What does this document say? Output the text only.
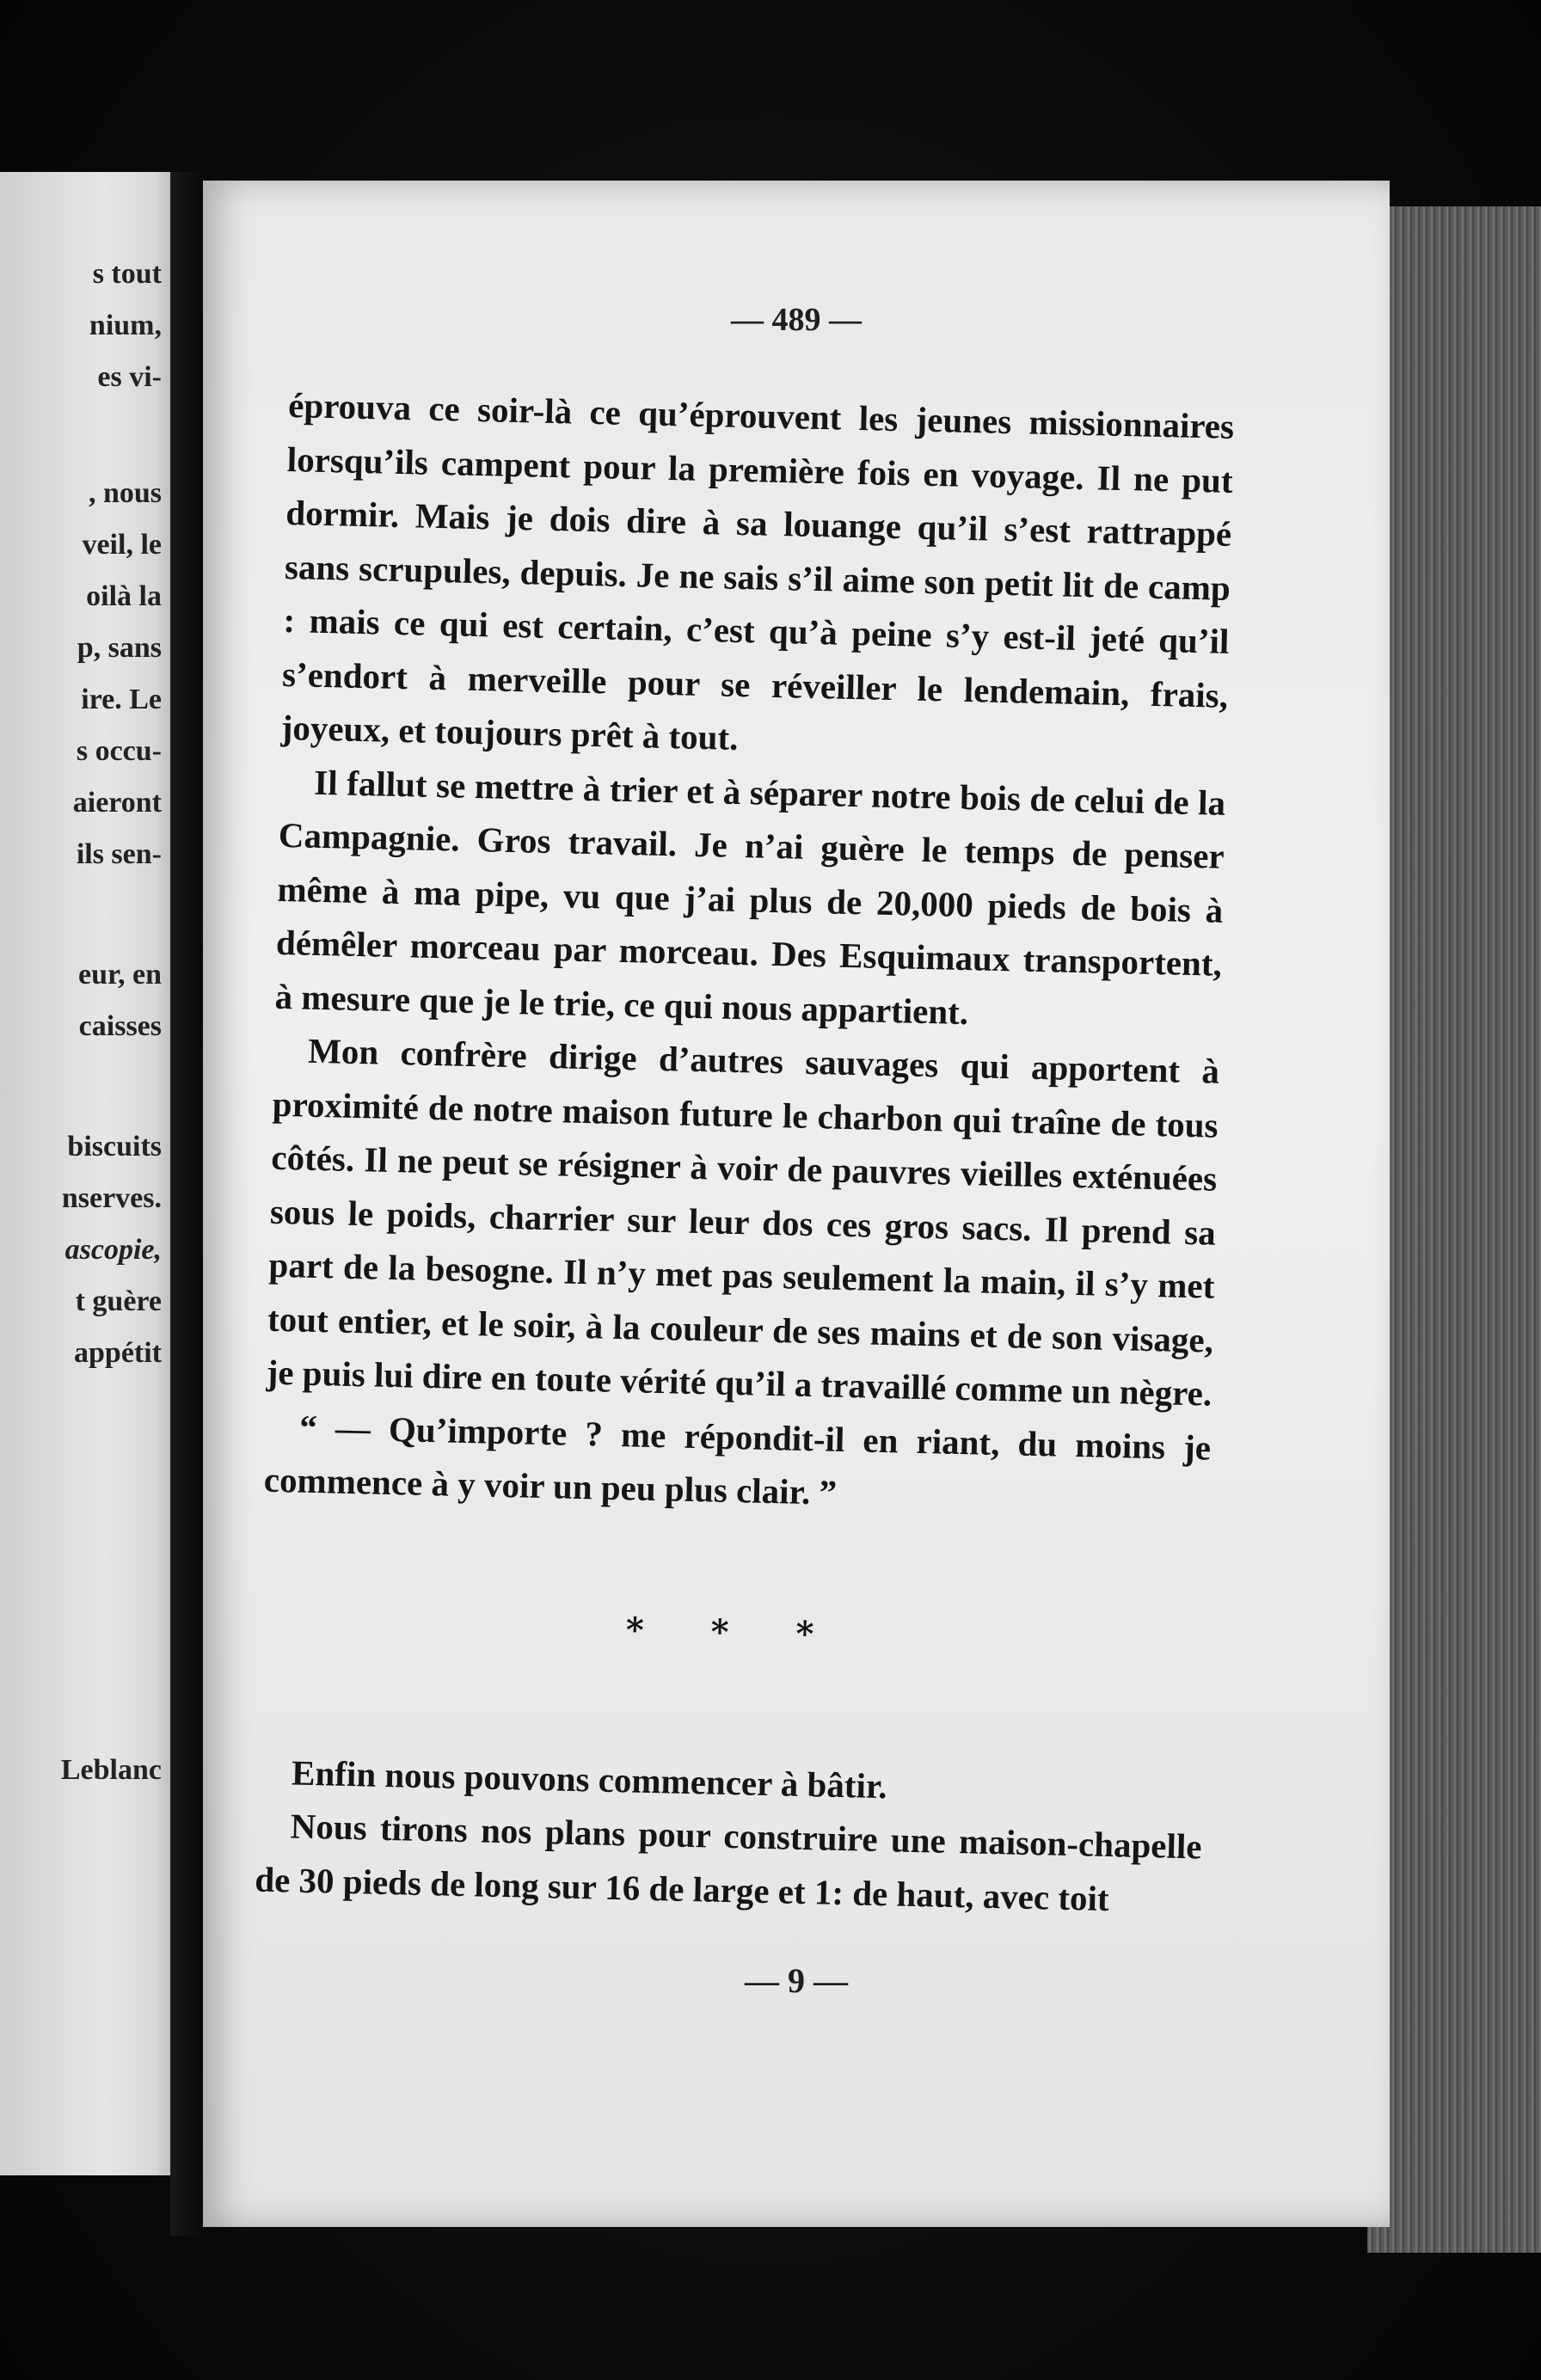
s tout
nium,
es vi-
, nous
veil, le
oilà la
p, sans
ire. Le
s occu-
aieront
ils sen-
eur, en
caisses
biscuits
nserves.
ascopie,
t guère
appétit
Leblanc
— 489 —

éprouva ce soir-là ce qu’éprouvent les jeunes missionnaires lorsqu’ils campent pour la première fois en voyage. Il ne put dormir. Mais je dois dire à sa louange qu’il s’est rattrappé sans scrupules, depuis. Je ne sais s’il aime son petit lit de camp : mais ce qui est certain, c’est qu’à peine s’y est-il jeté qu’il s’endort à merveille pour se réveiller le lendemain, frais, joyeux, et toujours prêt à tout.

Il fallut se mettre à trier et à séparer notre bois de celui de la Campagnie. Gros travail. Je n’ai guère le temps de penser même à ma pipe, vu que j’ai plus de 20,000 pieds de bois à démêler morceau par morceau. Des Esquimaux transportent, à mesure que je le trie, ce qui nous appartient.

Mon confrère dirige d’autres sauvages qui apportent à proximité de notre maison future le charbon qui traîne de tous côtés. Il ne peut se résigner à voir de pauvres vieilles exténuées sous le poids, charrier sur leur dos ces gros sacs. Il prend sa part de la besogne. Il n’y met pas seulement la main, il s’y met tout entier, et le soir, à la couleur de ses mains et de son visage, je puis lui dire en toute vérité qu’il a travaillé comme un nègre.

“ — Qu’importe ? me répondit-il en riant, du moins je commence à y voir un peu plus clair. ”

* * *

Enfin nous pouvons commencer à bâtir.

Nous tirons nos plans pour construire une maison-chapelle de 30 pieds de long sur 16 de large et 1: de haut, avec toit

— 9 —
